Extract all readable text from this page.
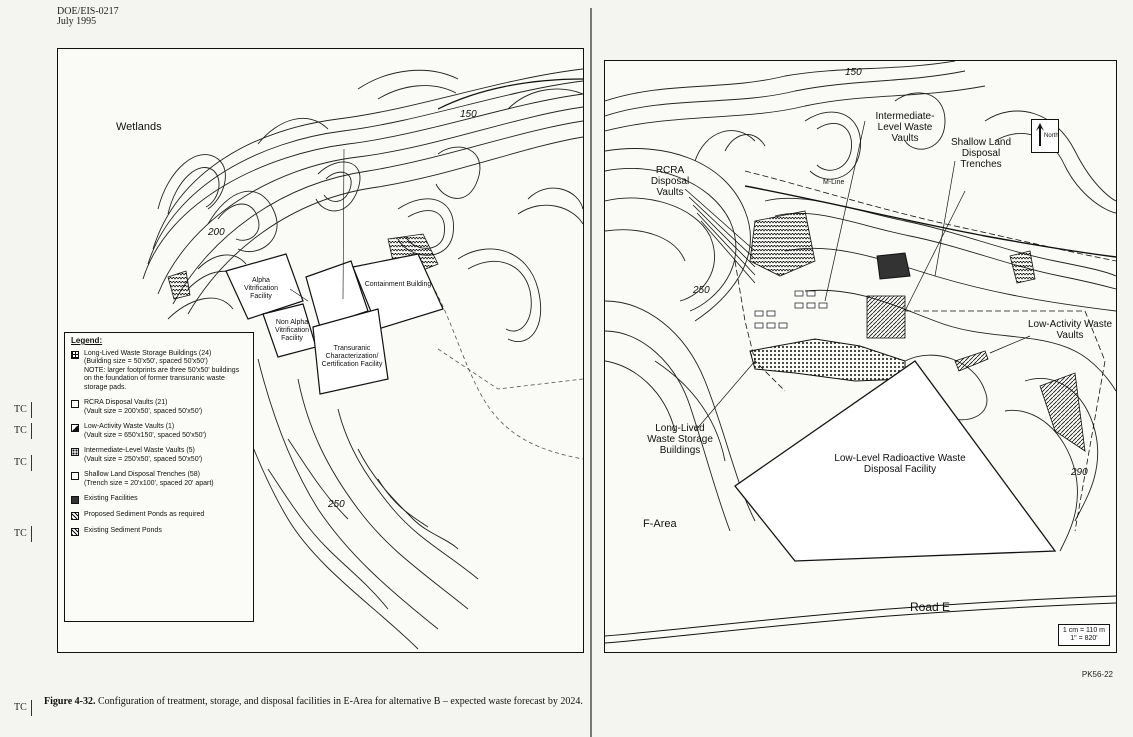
DOE/EIS-0217
July 1995
Wetlands
150
200
250
Alpha Vitrification Facility
Containment Building
Non Alpha Vitrification Facility
Transuranic Characterization/ Certification Facility
Legend:
Long-Lived Waste Storage Buildings (24)
(Building size = 50'x50', spaced 50'x50')
NOTE: larger footprints are three 50'x50' buildings on the foundation of former transuranic waste storage pads.
RCRA Disposal Vaults (21)
(Vault size = 200'x50', spaced 50'x50')
Low-Activity Waste Vaults (1)
(Vault size = 650'x150', spaced 50'x50')
Intermediate-Level Waste Vaults (5)
(Vault size = 250'x50', spaced 50'x50')
Shallow Land Disposal Trenches (58)
(Trench size = 20'x100', spaced 20' apart)
Existing Facilities
Proposed Sediment Ponds as required
Existing Sediment Ponds
Intermediate-Level Waste Vaults	Shallow Land Disposal Trenches
RCRA Disposal Vaults
Low-Activity Waste Vaults
Long-Lived Waste Storage Buildings
Low-Level Radioactive Waste Disposal Facility
F-Area
Road E
M-Line
150
250
290
North
1 cm = 110 m
1" = 820'
TC
TC
TC
TC
TC
PK56-22
Figure 4-32. Configuration of treatment, storage, and disposal facilities in E-Area for alternative B – expected waste forecast by 2024.
